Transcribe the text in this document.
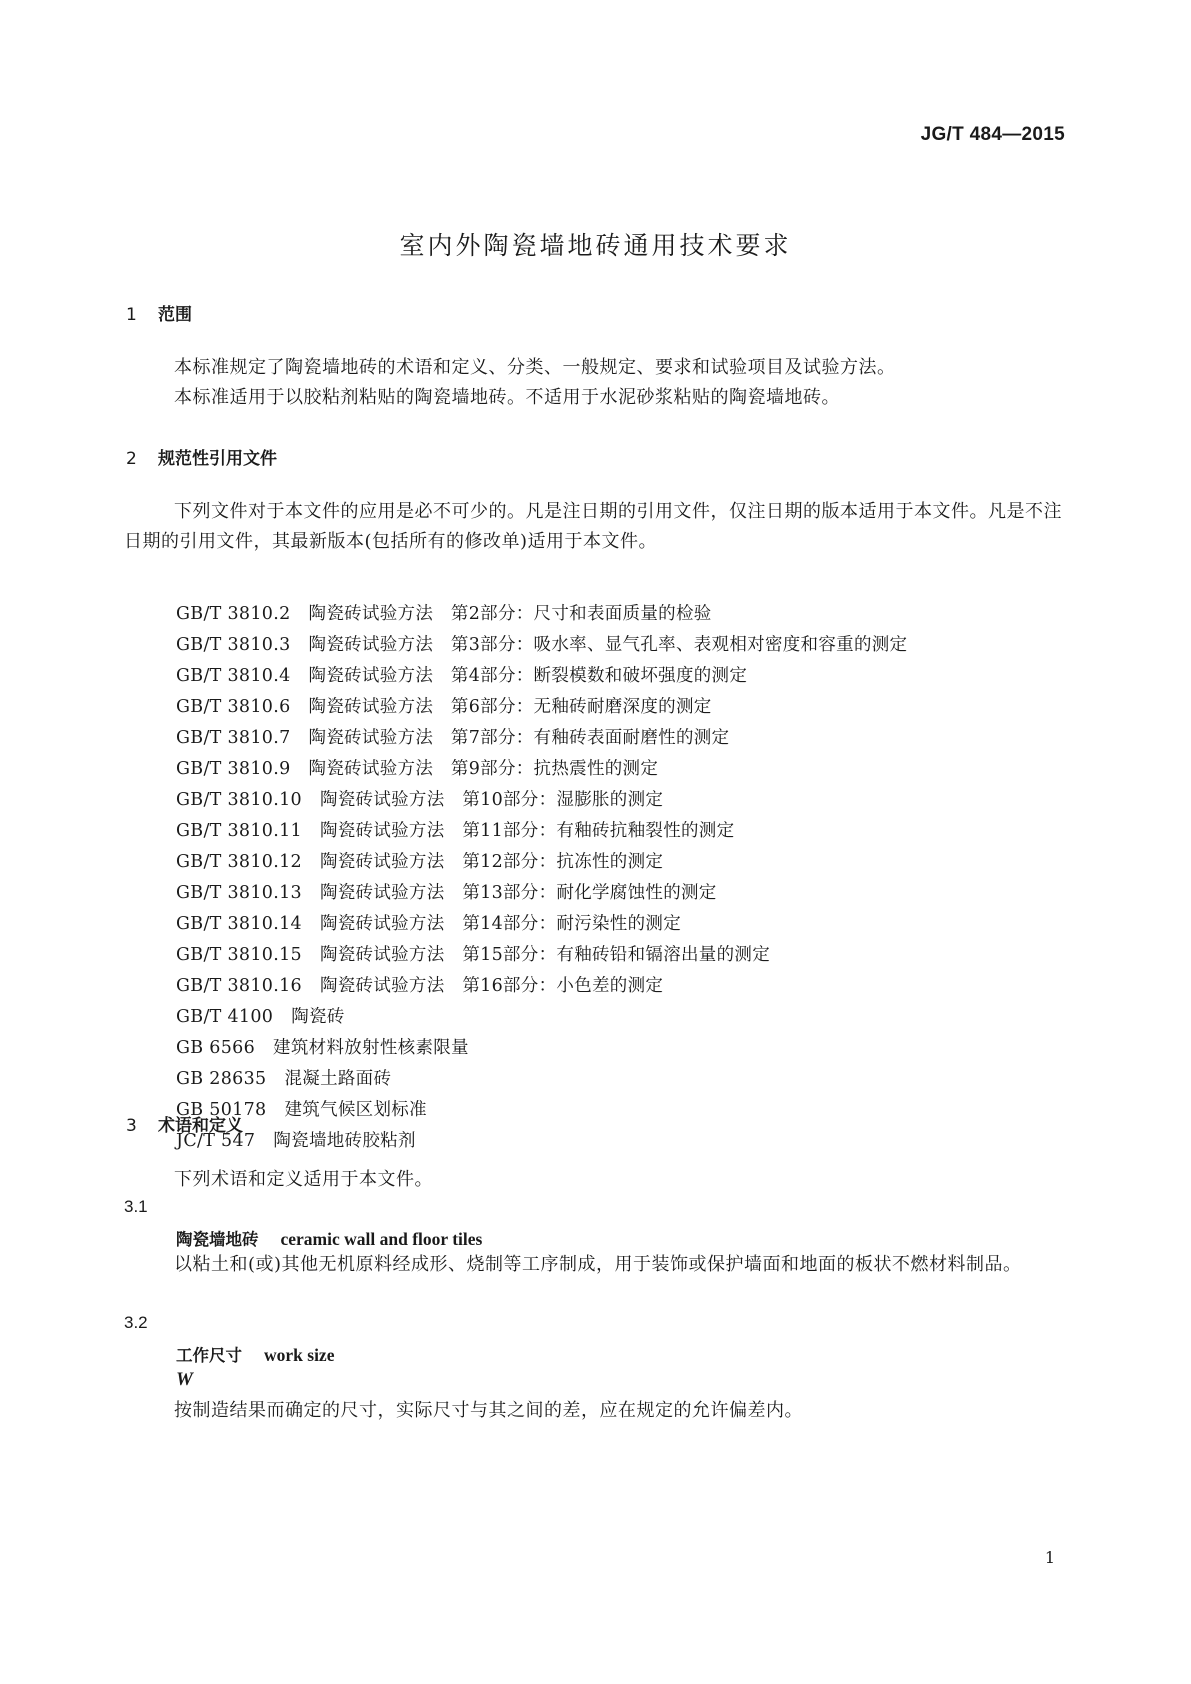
JG/T 484—2015
室内外陶瓷墙地砖通用技术要求
1 范围
本标准规定了陶瓷墙地砖的术语和定义、分类、一般规定、要求和试验项目及试验方法。
本标准适用于以胶粘剂粘贴的陶瓷墙地砖。不适用于水泥砂浆粘贴的陶瓷墙地砖。
2 规范性引用文件
下列文件对于本文件的应用是必不可少的。凡是注日期的引用文件，仅注日期的版本适用于本文件。凡是不注日期的引用文件，其最新版本(包括所有的修改单)适用于本文件。
GB/T 3810.2 陶瓷砖试验方法　第2部分：尺寸和表面质量的检验
GB/T 3810.3 陶瓷砖试验方法　第3部分：吸水率、显气孔率、表观相对密度和容重的测定
GB/T 3810.4 陶瓷砖试验方法　第4部分：断裂模数和破坏强度的测定
GB/T 3810.6 陶瓷砖试验方法　第6部分：无釉砖耐磨深度的测定
GB/T 3810.7 陶瓷砖试验方法　第7部分：有釉砖表面耐磨性的测定
GB/T 3810.9 陶瓷砖试验方法　第9部分：抗热震性的测定
GB/T 3810.10 陶瓷砖试验方法　第10部分：湿膨胀的测定
GB/T 3810.11 陶瓷砖试验方法　第11部分：有釉砖抗釉裂性的测定
GB/T 3810.12 陶瓷砖试验方法　第12部分：抗冻性的测定
GB/T 3810.13 陶瓷砖试验方法　第13部分：耐化学腐蚀性的测定
GB/T 3810.14 陶瓷砖试验方法　第14部分：耐污染性的测定
GB/T 3810.15 陶瓷砖试验方法　第15部分：有釉砖铅和镉溶出量的测定
GB/T 3810.16 陶瓷砖试验方法　第16部分：小色差的测定
GB/T 4100 陶瓷砖
GB 6566 建筑材料放射性核素限量
GB 28635 混凝土路面砖
GB 50178 建筑气候区划标准
JC/T 547 陶瓷墙地砖胶粘剂
3 术语和定义
下列术语和定义适用于本文件。
3.1
陶瓷墙地砖 ceramic wall and floor tiles
以粘土和(或)其他无机原料经成形、烧制等工序制成，用于装饰或保护墙面和地面的板状不燃材料制品。
3.2
工作尺寸 work size
W
按制造结果而确定的尺寸，实际尺寸与其之间的差，应在规定的允许偏差内。
1
